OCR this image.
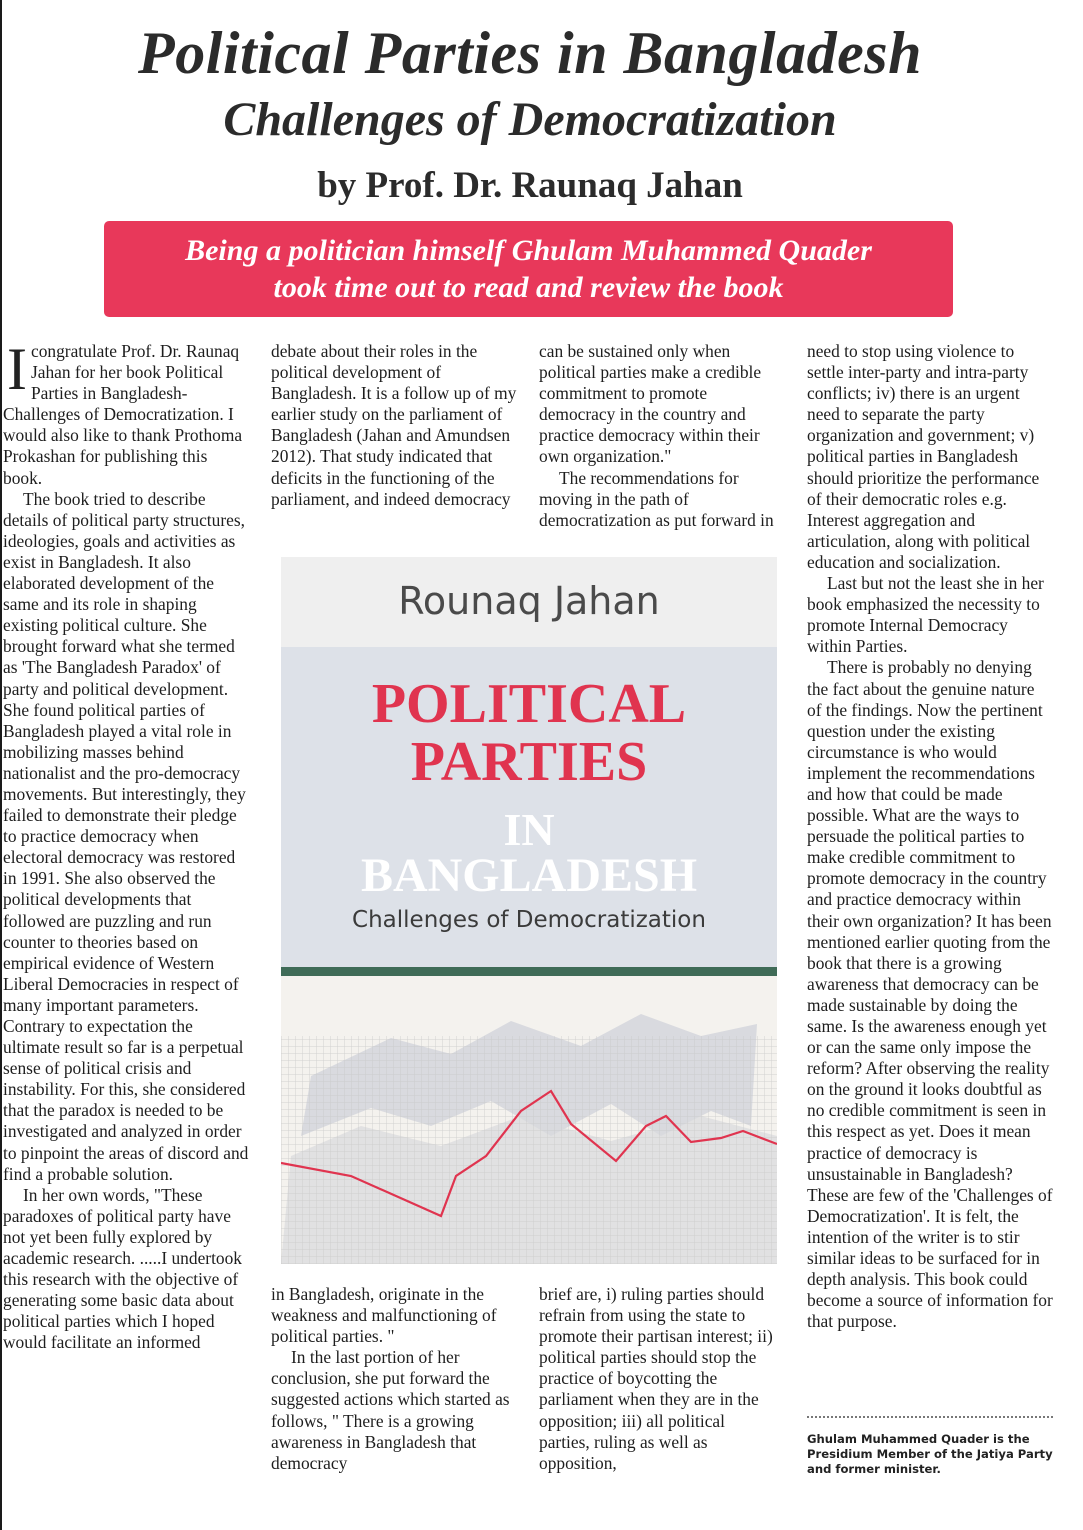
Political Parties in Bangladesh
Challenges of Democratization
by Prof. Dr. Raunaq Jahan
Being a politician himself Ghulam Muhammed Quader
took time out to read and review the book
I congratulate Prof. Dr. Raunaq Jahan for her book Political Parties in Bangladesh- Challenges of Democratization. I would also like to thank Prothoma Prokashan for publishing this book.

The book tried to describe details of political party structures, ideologies, goals and activities as exist in Bangladesh. It also elaborated development of the same and its role in shaping existing political culture. She brought forward what she termed as 'The Bangladesh Paradox' of party and political development. She found political parties of Bangladesh played a vital role in mobilizing masses behind nationalist and the pro-democracy movements. But interestingly, they failed to demonstrate their pledge to practice democracy when electoral democracy was restored in 1991. She also observed the political developments that followed are puzzling and run counter to theories based on empirical evidence of Western Liberal Democracies in respect of many important parameters. Contrary to expectation the ultimate result so far is a perpetual sense of political crisis and instability. For this, she considered that the paradox is needed to be investigated and analyzed in order to pinpoint the areas of discord and find a probable solution.

In her own words, "These paradoxes of political party have not yet been fully explored by academic research. .....I undertook this research with the objective of generating some basic data about political parties which I hoped would facilitate an informed

debate about their roles in the political development of Bangladesh. It is a follow up of my earlier study on the parliament of Bangladesh (Jahan and Amundsen 2012). That study indicated that deficits in the functioning of the parliament, and indeed democracy

can be sustained only when political parties make a credible commitment to promote democracy in the country and practice democracy within their own organization."

The recommendations for moving in the path of democratization as put forward in

Rounaq Jahan
POLITICAL
PARTIES
IN
BANGLADESH
Challenges of Democratization

in Bangladesh, originate in the weakness and malfunctioning of political parties. "

In the last portion of her conclusion, she put forward the suggested actions which started as follows, " There is a growing awareness in Bangladesh that democracy

brief are, i) ruling parties should refrain from using the state to promote their partisan interest; ii) political parties should stop the practice of boycotting the parliament when they are in the opposition; iii) all political parties, ruling as well as opposition,

need to stop using violence to settle inter-party and intra-party conflicts; iv) there is an urgent need to separate the party organization and government; v) political parties in Bangladesh should prioritize the performance of their democratic roles e.g. Interest aggregation and articulation, along with political education and socialization.

Last but not the least she in her book emphasized the necessity to promote Internal Democracy within Parties.

There is probably no denying the fact about the genuine nature of the findings. Now the pertinent question under the existing circumstance is who would implement the recommendations and how that could be made possible. What are the ways to persuade the political parties to make credible commitment to promote democracy in the country and practice democracy within their own organization? It has been mentioned earlier quoting from the book that there is a growing awareness that democracy can be made sustainable by doing the same. Is the awareness enough yet or can the same only impose the reform? After observing the reality on the ground it looks doubtful as no credible commitment is seen in this respect as yet. Does it mean practice of democracy is unsustainable in Bangladesh? These are few of the 'Challenges of Democratization'. It is felt, the intention of the writer is to stir similar ideas to be surfaced for in depth analysis. This book could become a source of information for that purpose.

Ghulam Muhammed Quader is the Presidium Member of the Jatiya Party and former minister.
